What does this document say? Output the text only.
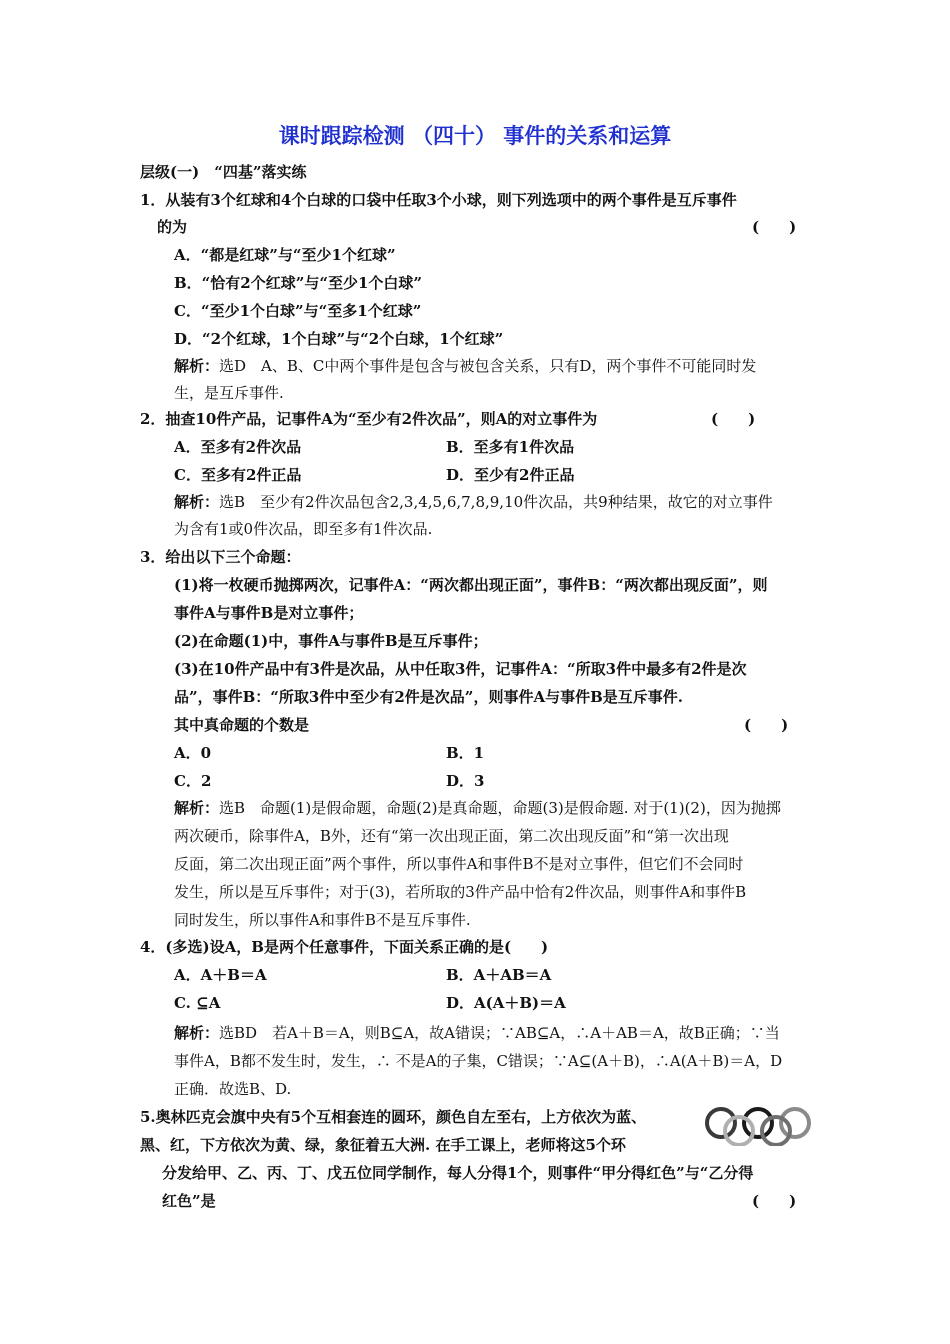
课时跟踪检测 （四十） 事件的关系和运算
层级(一)　“四基”落实练
1．从装有3个红球和4个白球的口袋中任取3个小球，则下列选项中的两个事件是互斥事件
的为	(　　)
A．“都是红球”与“至少1个红球”
B．“恰有2个红球”与“至少1个白球”
C．“至少1个白球”与“至多1个红球”
D．“2个红球，1个白球”与“2个白球，1个红球”
解析：选D　A、B、C中两个事件是包含与被包含关系，只有D，两个事件不可能同时发
生，是互斥事件.
2．抽查10件产品，记事件A为“至少有2件次品”，则A的对立事件为	(　　)
A．至多有2件次品	B．至多有1件次品
C．至多有2件正品	D．至少有2件正品
解析：选B　至少有2件次品包含2,3,4,5,6,7,8,9,10件次品，共9种结果，故它的对立事件
为含有1或0件次品，即至多有1件次品.
3．给出以下三个命题：
(1)将一枚硬币抛掷两次，记事件A：“两次都出现正面”，事件B：“两次都出现反面”，则
事件A与事件B是对立事件；
(2)在命题(1)中，事件A与事件B是互斥事件；
(3)在10件产品中有3件是次品，从中任取3件，记事件A：“所取3件中最多有2件是次
品”，事件B：“所取3件中至少有2件是次品”，则事件A与事件B是互斥事件.
其中真命题的个数是	(　　)
A．0	B．1
C．2	D．3
解析：选B　命题(1)是假命题，命题(2)是真命题，命题(3)是假命题. 对于(1)(2)，因为抛掷
两次硬币，除事件A，B外，还有“第一次出现正面，第二次出现反面”和“第一次出现
反面，第二次出现正面”两个事件，所以事件A和事件B不是对立事件，但它们不会同时
发生，所以是互斥事件；对于(3)，若所取的3件产品中恰有2件次品，则事件A和事件B
同时发生，所以事件A和事件B不是互斥事件.
4．(多选)设A，B是两个任意事件，下面关系正确的是(　　)
A．A＋B＝A	B．A＋AB＝A
C. ⊆A	D．A(A＋B)＝A
解析：选BD　若A＋B＝A，则B⊆A，故A错误；∵AB⊆A，∴A＋AB＝A，故B正确；∵当
事件A，B都不发生时，发生，∴ 不是A的子集，C错误；∵A⊆(A＋B)，∴A(A＋B)＝A，D
正确．故选B、D.
5.奥林匹克会旗中央有5个互相套连的圆环，颜色自左至右，上方依次为蓝、
黑、红，下方依次为黄、绿，象征着五大洲. 在手工课上，老师将这5个环
分发给甲、乙、丙、丁、戊五位同学制作，每人分得1个，则事件“甲分得红色”与“乙分得
红色”是	(　　)
